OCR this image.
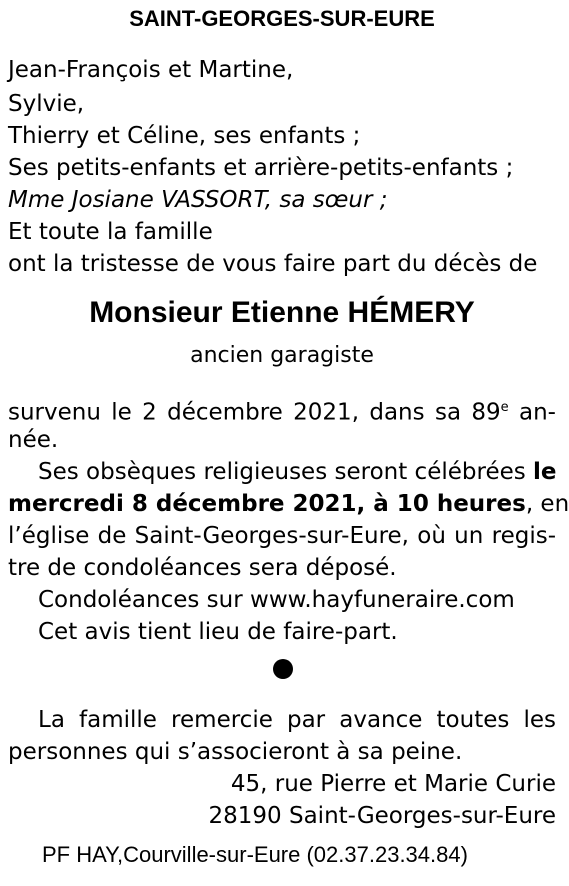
SAINT-GEORGES-SUR-EURE
Jean-François et Martine,
Sylvie,
Thierry et Céline, ses enfants ;
Ses petits-enfants et arrière-petits-enfants ;
Mme Josiane VASSORT, sa sœur ;
Et toute la famille
ont la tristesse de vous faire part du décès de
Monsieur Etienne HÉMERY
ancien garagiste
survenu le 2 décembre 2021, dans sa 89e an-
née.
Ses obsèques religieuses seront célébrées le
mercredi 8 décembre 2021, à 10 heures, en
l’église de Saint-Georges-sur-Eure, où un regis-
tre de condoléances sera déposé.
Condoléances sur www.hayfuneraire.com
Cet avis tient lieu de faire-part.
La famille remercie par avance toutes les
personnes qui s’associeront à sa peine.
45, rue Pierre et Marie Curie
28190 Saint-Georges-sur-Eure
PF HAY,Courville-sur-Eure (02.37.23.34.84)
